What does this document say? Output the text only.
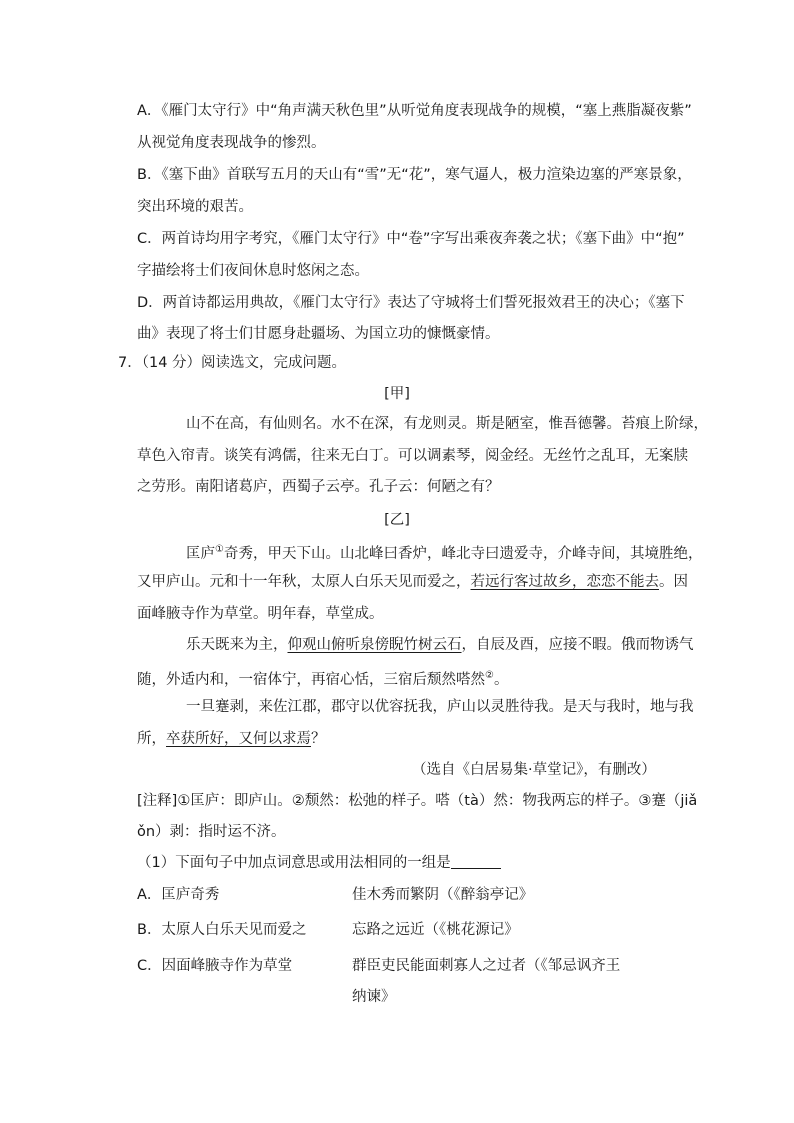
A．《雁门太守行》中“角声满天秋色里”从听觉角度表现战争的规模，“塞上燕脂凝夜紫”
从视觉角度表现战争的惨烈。
B．《塞下曲》首联写五月的天山有“雪”无“花”，寒气逼人，极力渲染边塞的严寒景象，
突出环境的艰苦。
C．两首诗均用字考究，《雁门太守行》中“卷”字写出乘夜奔袭之状；《塞下曲》中“抱”
字描绘将士们夜间休息时悠闲之态。
D．两首诗都运用典故，《雁门太守行》表达了守城将士们誓死报效君王的决心；《塞下
曲》表现了将士们甘愿身赴疆场、为国立功的慷慨豪情。
7．（14 分）阅读选文，完成问题。
[甲]
山不在高，有仙则名。水不在深，有龙则灵。斯是陋室，惟吾德馨。苔痕上阶绿，
草色入帘青。谈笑有鸿儒，往来无白丁。可以调素琴，阅金经。无丝竹之乱耳，无案牍
之劳形。南阳诸葛庐，西蜀子云亭。孔子云：何陋之有？
[乙]
匡庐①奇秀，甲天下山。山北峰曰香炉，峰北寺曰遗爱寺，介峰寺间，其境胜绝，
又甲庐山。元和十一年秋，太原人白乐天见而爱之，若远行客过故乡，恋恋不能去。因
面峰腋寺作为草堂。明年春，草堂成。
乐天既来为主，仰观山俯听泉傍睨竹树云石，自辰及酉，应接不暇。俄而物诱气
随，外适内和，一宿体宁，再宿心恬，三宿后颓然嗒然②。
一旦蹇剥，来佐江郡，郡守以优容抚我，庐山以灵胜待我。是天与我时，地与我
所，卒获所好，又何以求焉？
（选自《白居易集·草堂记》，有删改）
[注释]①匡庐：即庐山。②颓然：松弛的样子。嗒（tà）然：物我两忘的样子。③蹇（jiǎ
ǒn）剥：指时运不济。
（1）下面句子中加点词意思或用法相同的一组是
A．匡庐奇秀	佳木秀而繁阴（《醉翁亭记》
B．太原人白乐天见而爱之	忘路之远近（《桃花源记》
C．因面峰腋寺作为草堂	群臣吏民能面刺寡人之过者（《邹忌讽齐王
纳谏》
